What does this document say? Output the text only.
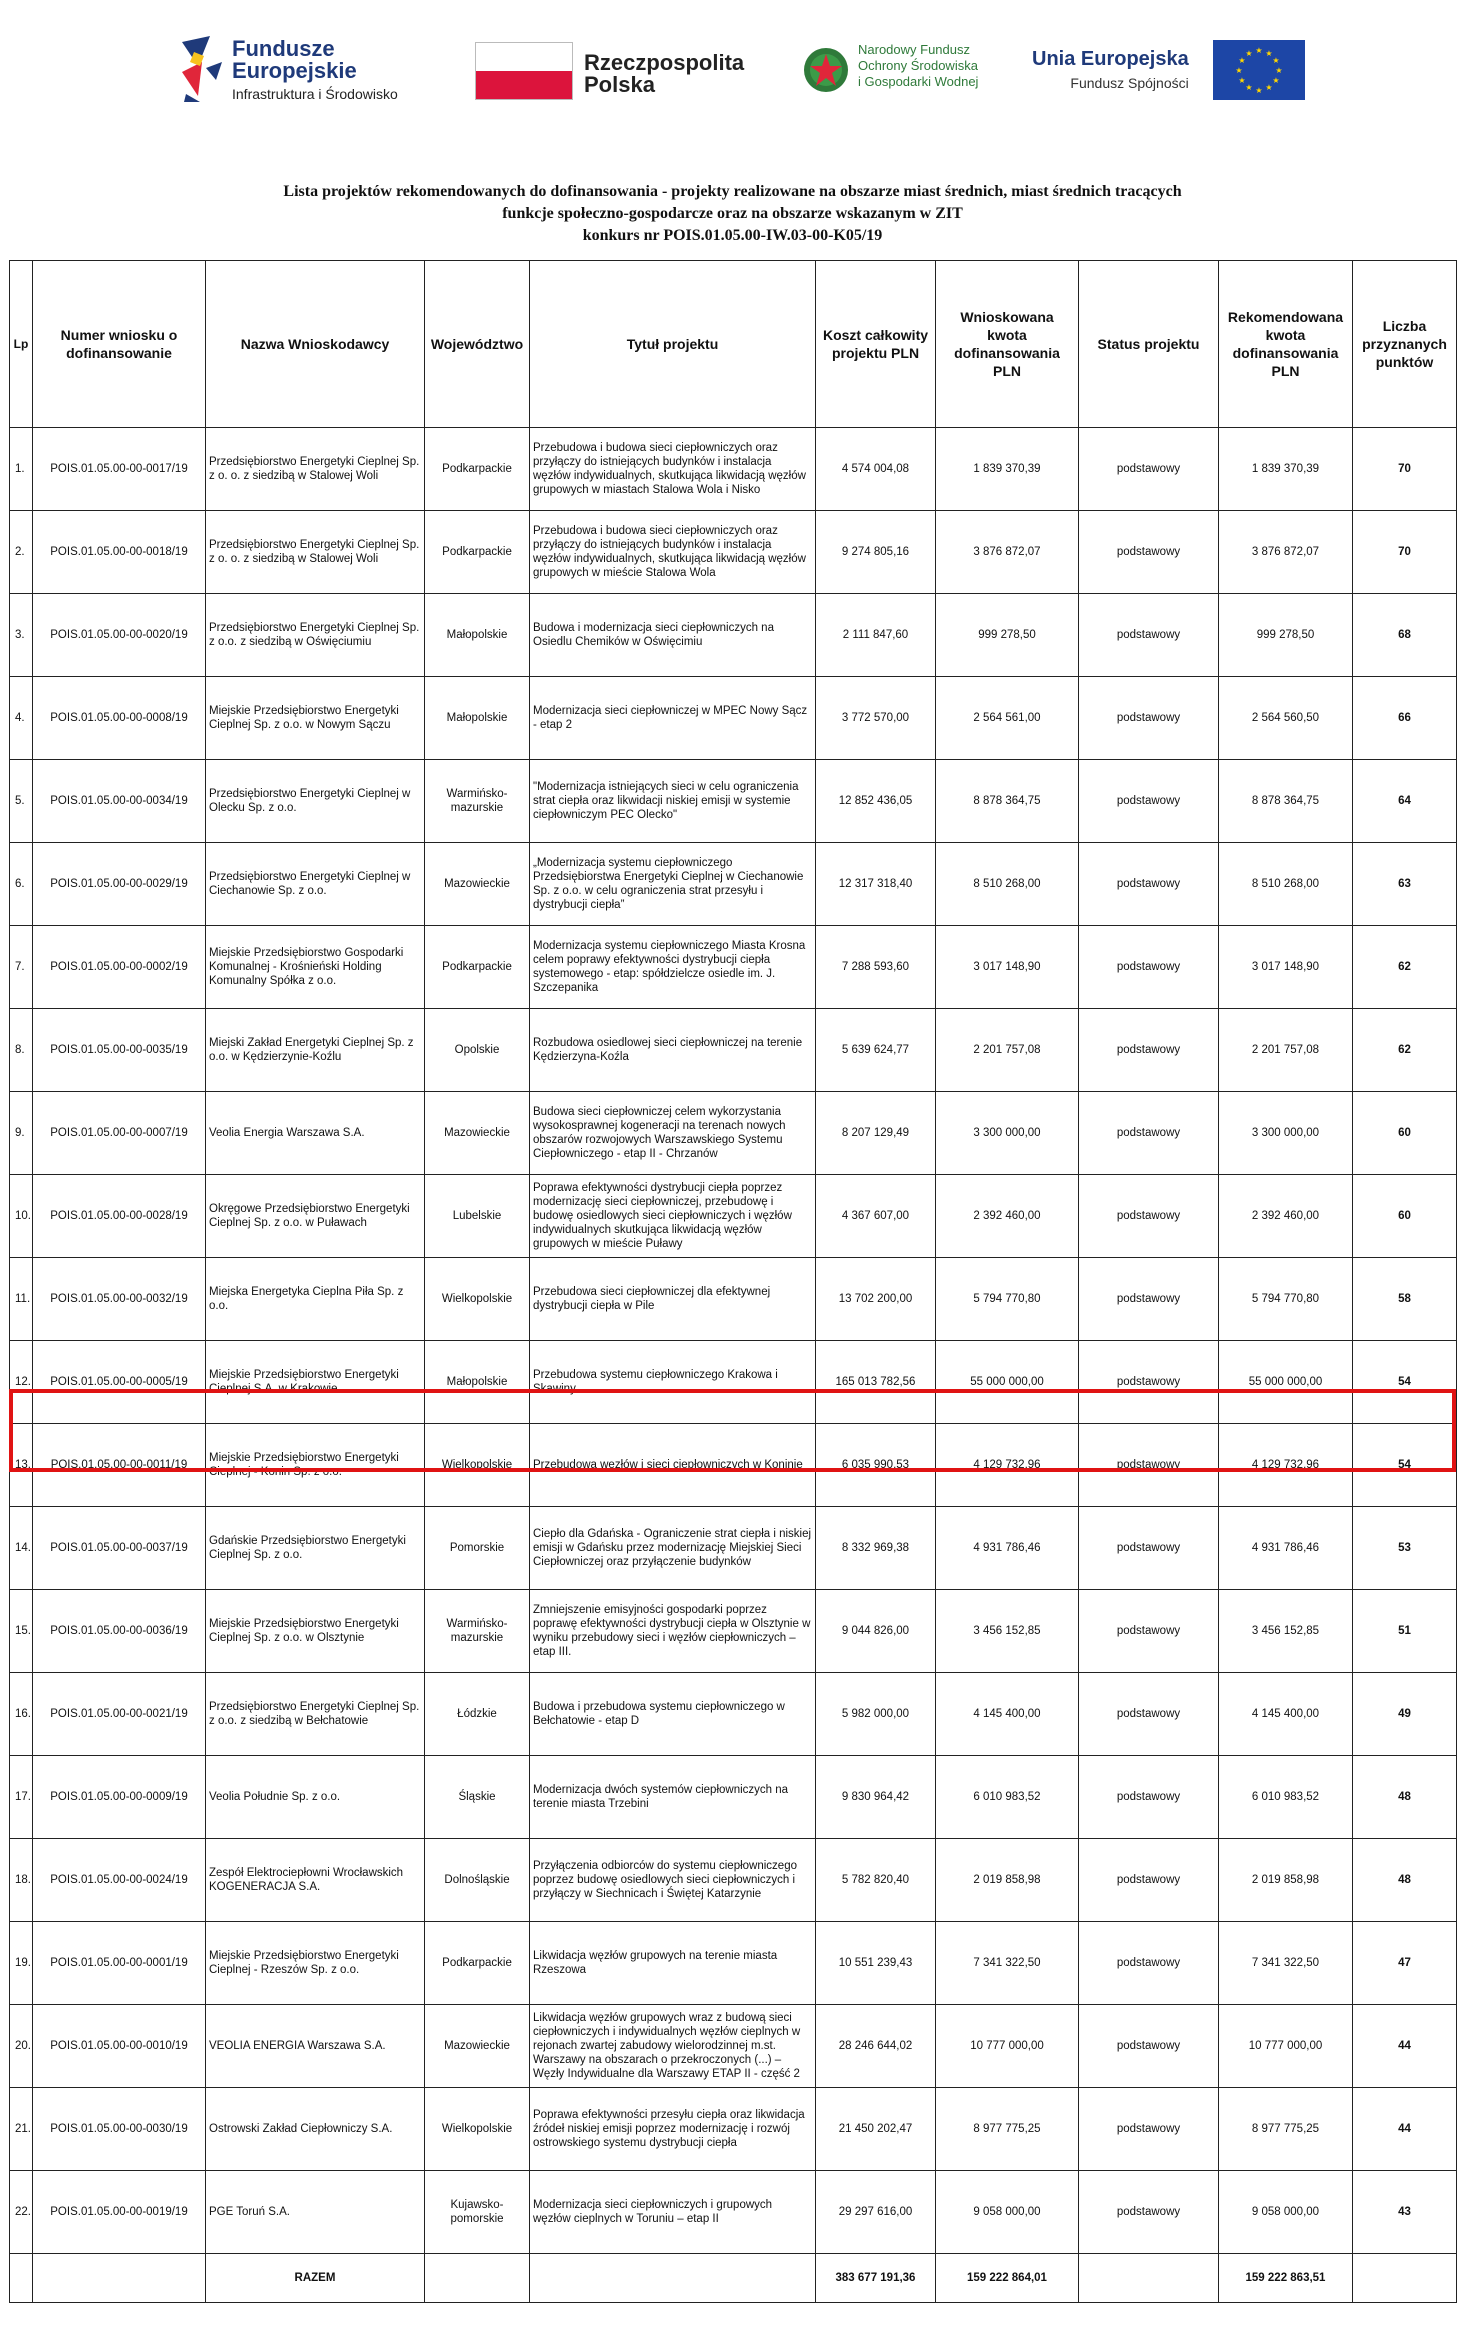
Fundusze
Europejskie
Infrastruktura i Środowisko
Rzeczpospolita
Polska
Narodowy Fundusz
Ochrony Środowiska
i Gospodarki Wodnej
Unia Europejska
Fundusz Spójności
★ ★
★
★
★
★
★
★
★
★
★
★
Lista projektów rekomendowanych do dofinansowania - projekty realizowane na obszarze miast średnich, miast średnich tracących
funkcje społeczno-gospodarcze oraz na obszarze wskazanym w ZIT
konkurs nr POIS.01.05.00-IW.03-00-K05/19
Lp	Numer wniosku o dofinansowanie	Nazwa Wnioskodawcy	Województwo	Tytuł projektu	Koszt całkowity projektu PLN	Wnioskowana kwota dofinansowania PLN	Status projektu	Rekomendowana kwota dofinansowania PLN	Liczba przyznanych punktów
1.	POIS.01.05.00-00-0017/19	Przedsiębiorstwo Energetyki Cieplnej Sp. z o. o. z siedzibą w Stalowej Woli	Podkarpackie	Przebudowa i budowa sieci ciepłowniczych oraz przyłączy do istniejących budynków i instalacja węzłów indywidualnych, skutkująca likwidacją węzłów grupowych w miastach Stalowa Wola i Nisko	4 574 004,08	1 839 370,39	podstawowy	1 839 370,39	70
2.	POIS.01.05.00-00-0018/19	Przedsiębiorstwo Energetyki Cieplnej Sp. z o. o. z siedzibą w Stalowej Woli	Podkarpackie	Przebudowa i budowa sieci ciepłowniczych oraz przyłączy do istniejących budynków i instalacja węzłów indywidualnych, skutkująca likwidacją węzłów grupowych w mieście Stalowa Wola	9 274 805,16	3 876 872,07	podstawowy	3 876 872,07	70
3.	POIS.01.05.00-00-0020/19	Przedsiębiorstwo Energetyki Cieplnej Sp. z o.o. z siedzibą w Oświęciumiu	Małopolskie	Budowa i modernizacja sieci ciepłowniczych na Osiedlu Chemików w Oświęcimiu	2 111 847,60	999 278,50	podstawowy	999 278,50	68
4.	POIS.01.05.00-00-0008/19	Miejskie Przedsiębiorstwo Energetyki Cieplnej Sp. z o.o. w Nowym Sączu	Małopolskie	Modernizacja sieci ciepłowniczej w MPEC Nowy Sącz - etap 2	3 772 570,00	2 564 561,00	podstawowy	2 564 560,50	66
5.	POIS.01.05.00-00-0034/19	Przedsiębiorstwo Energetyki Cieplnej w Olecku Sp. z o.o.	Warmińsko-mazurskie	"Modernizacja istniejących sieci w celu ograniczenia strat ciepła oraz likwidacji niskiej emisji w systemie ciepłowniczym PEC Olecko"	12 852 436,05	8 878 364,75	podstawowy	8 878 364,75	64
6.	POIS.01.05.00-00-0029/19	Przedsiębiorstwo Energetyki Cieplnej w Ciechanowie Sp. z o.o.	Mazowieckie	„Modernizacja systemu ciepłowniczego Przedsiębiorstwa Energetyki Cieplnej w Ciechanowie Sp. z o.o. w celu ograniczenia strat przesyłu i dystrybucji ciepła”	12 317 318,40	8 510 268,00	podstawowy	8 510 268,00	63
7.	POIS.01.05.00-00-0002/19	Miejskie Przedsiębiorstwo Gospodarki Komunalnej - Krośnieński Holding Komunalny Spółka z o.o.	Podkarpackie	Modernizacja systemu ciepłowniczego Miasta Krosna celem poprawy efektywności dystrybucji ciepła systemowego - etap: spółdzielcze osiedle im. J. Szczepanika	7 288 593,60	3 017 148,90	podstawowy	3 017 148,90	62
8.	POIS.01.05.00-00-0035/19	Miejski Zakład Energetyki Cieplnej Sp. z o.o. w Kędzierzynie-Koźlu	Opolskie	Rozbudowa osiedlowej sieci ciepłowniczej na terenie Kędzierzyna-Koźla	5 639 624,77	2 201 757,08	podstawowy	2 201 757,08	62
9.	POIS.01.05.00-00-0007/19	Veolia Energia Warszawa S.A.	Mazowieckie	Budowa sieci ciepłowniczej celem wykorzystania wysokosprawnej kogeneracji na terenach nowych obszarów rozwojowych Warszawskiego Systemu Ciepłowniczego - etap II - Chrzanów	8 207 129,49	3 300 000,00	podstawowy	3 300 000,00	60
10.	POIS.01.05.00-00-0028/19	Okręgowe Przedsiębiorstwo Energetyki Cieplnej Sp. z o.o. w Puławach	Lubelskie	Poprawa efektywności dystrybucji ciepła poprzez modernizację sieci ciepłowniczej, przebudowę i budowę osiedlowych sieci ciepłowniczych i węzłów indywidualnych skutkująca likwidacją węzłów grupowych w mieście Puławy	4 367 607,00	2 392 460,00	podstawowy	2 392 460,00	60
11.	POIS.01.05.00-00-0032/19	Miejska Energetyka Cieplna Piła Sp. z o.o.	Wielkopolskie	Przebudowa sieci ciepłowniczej dla efektywnej dystrybucji ciepła w Pile	13 702 200,00	5 794 770,80	podstawowy	5 794 770,80	58
12.	POIS.01.05.00-00-0005/19	Miejskie Przedsiębiorstwo Energetyki Cieplnej S.A. w Krakowie	Małopolskie	Przebudowa systemu ciepłowniczego Krakowa i Skawiny	165 013 782,56	55 000 000,00	podstawowy	55 000 000,00	54
13.	POIS.01.05.00-00-0011/19	Miejskie Przedsiębiorstwo Energetyki Cieplnej - Konin Sp. z o.o.	Wielkopolskie	Przebudowa węzłów i sieci ciepłowniczych w Koninie	6 035 990,53	4 129 732,96	podstawowy	4 129 732,96	54
14.	POIS.01.05.00-00-0037/19	Gdańskie Przedsiębiorstwo Energetyki Cieplnej Sp. z o.o.	Pomorskie	Ciepło dla Gdańska - Ograniczenie strat ciepła i niskiej emisji w Gdańsku przez modernizację Miejskiej Sieci Ciepłowniczej oraz przyłączenie budynków	8 332 969,38	4 931 786,46	podstawowy	4 931 786,46	53
15.	POIS.01.05.00-00-0036/19	Miejskie Przedsiębiorstwo Energetyki Cieplnej Sp. z o.o. w Olsztynie	Warmińsko-mazurskie	Zmniejszenie emisyjności gospodarki poprzez poprawę efektywności dystrybucji ciepła w Olsztynie w wyniku przebudowy sieci i węzłów ciepłowniczych – etap III.	9 044 826,00	3 456 152,85	podstawowy	3 456 152,85	51
16.	POIS.01.05.00-00-0021/19	Przedsiębiorstwo Energetyki Cieplnej Sp. z o.o. z siedzibą w Bełchatowie	Łódzkie	Budowa i przebudowa systemu ciepłowniczego w Bełchatowie - etap D	5 982 000,00	4 145 400,00	podstawowy	4 145 400,00	49
17.	POIS.01.05.00-00-0009/19	Veolia Południe Sp. z o.o.	Śląskie	Modernizacja dwóch systemów ciepłowniczych na terenie miasta Trzebini	9 830 964,42	6 010 983,52	podstawowy	6 010 983,52	48
18.	POIS.01.05.00-00-0024/19	Zespół Elektrociepłowni Wrocławskich KOGENERACJA S.A.	Dolnośląskie	Przyłączenia odbiorców do systemu ciepłowniczego poprzez budowę osiedlowych sieci ciepłowniczych i przyłączy w Siechnicach i Świętej Katarzynie	5 782 820,40	2 019 858,98	podstawowy	2 019 858,98	48
19.	POIS.01.05.00-00-0001/19	Miejskie Przedsiębiorstwo Energetyki Cieplnej - Rzeszów Sp. z o.o.	Podkarpackie	Likwidacja węzłów grupowych na terenie miasta Rzeszowa	10 551 239,43	7 341 322,50	podstawowy	7 341 322,50	47
20.	POIS.01.05.00-00-0010/19	VEOLIA ENERGIA Warszawa S.A.	Mazowieckie	Likwidacja węzłów grupowych wraz z budową sieci ciepłowniczych i indywidualnych węzłów cieplnych w rejonach zwartej zabudowy wielorodzinnej m.st. Warszawy na obszarach o przekroczonych (...) – Węzły Indywidualne dla Warszawy ETAP II - część 2	28 246 644,02	10 777 000,00	podstawowy	10 777 000,00	44
21.	POIS.01.05.00-00-0030/19	Ostrowski Zakład Ciepłowniczy S.A.	Wielkopolskie	Poprawa efektywności przesyłu ciepła oraz likwidacja źródeł niskiej emisji poprzez modernizację i rozwój ostrowskiego systemu dystrybucji ciepła	21 450 202,47	8 977 775,25	podstawowy	8 977 775,25	44
22.	POIS.01.05.00-00-0019/19	PGE Toruń S.A.	Kujawsko-pomorskie	Modernizacja sieci ciepłowniczych i grupowych węzłów cieplnych w Toruniu – etap II	29 297 616,00	9 058 000,00	podstawowy	9 058 000,00	43
		RAZEM			383 677 191,36	159 222 864,01		159 222 863,51	
